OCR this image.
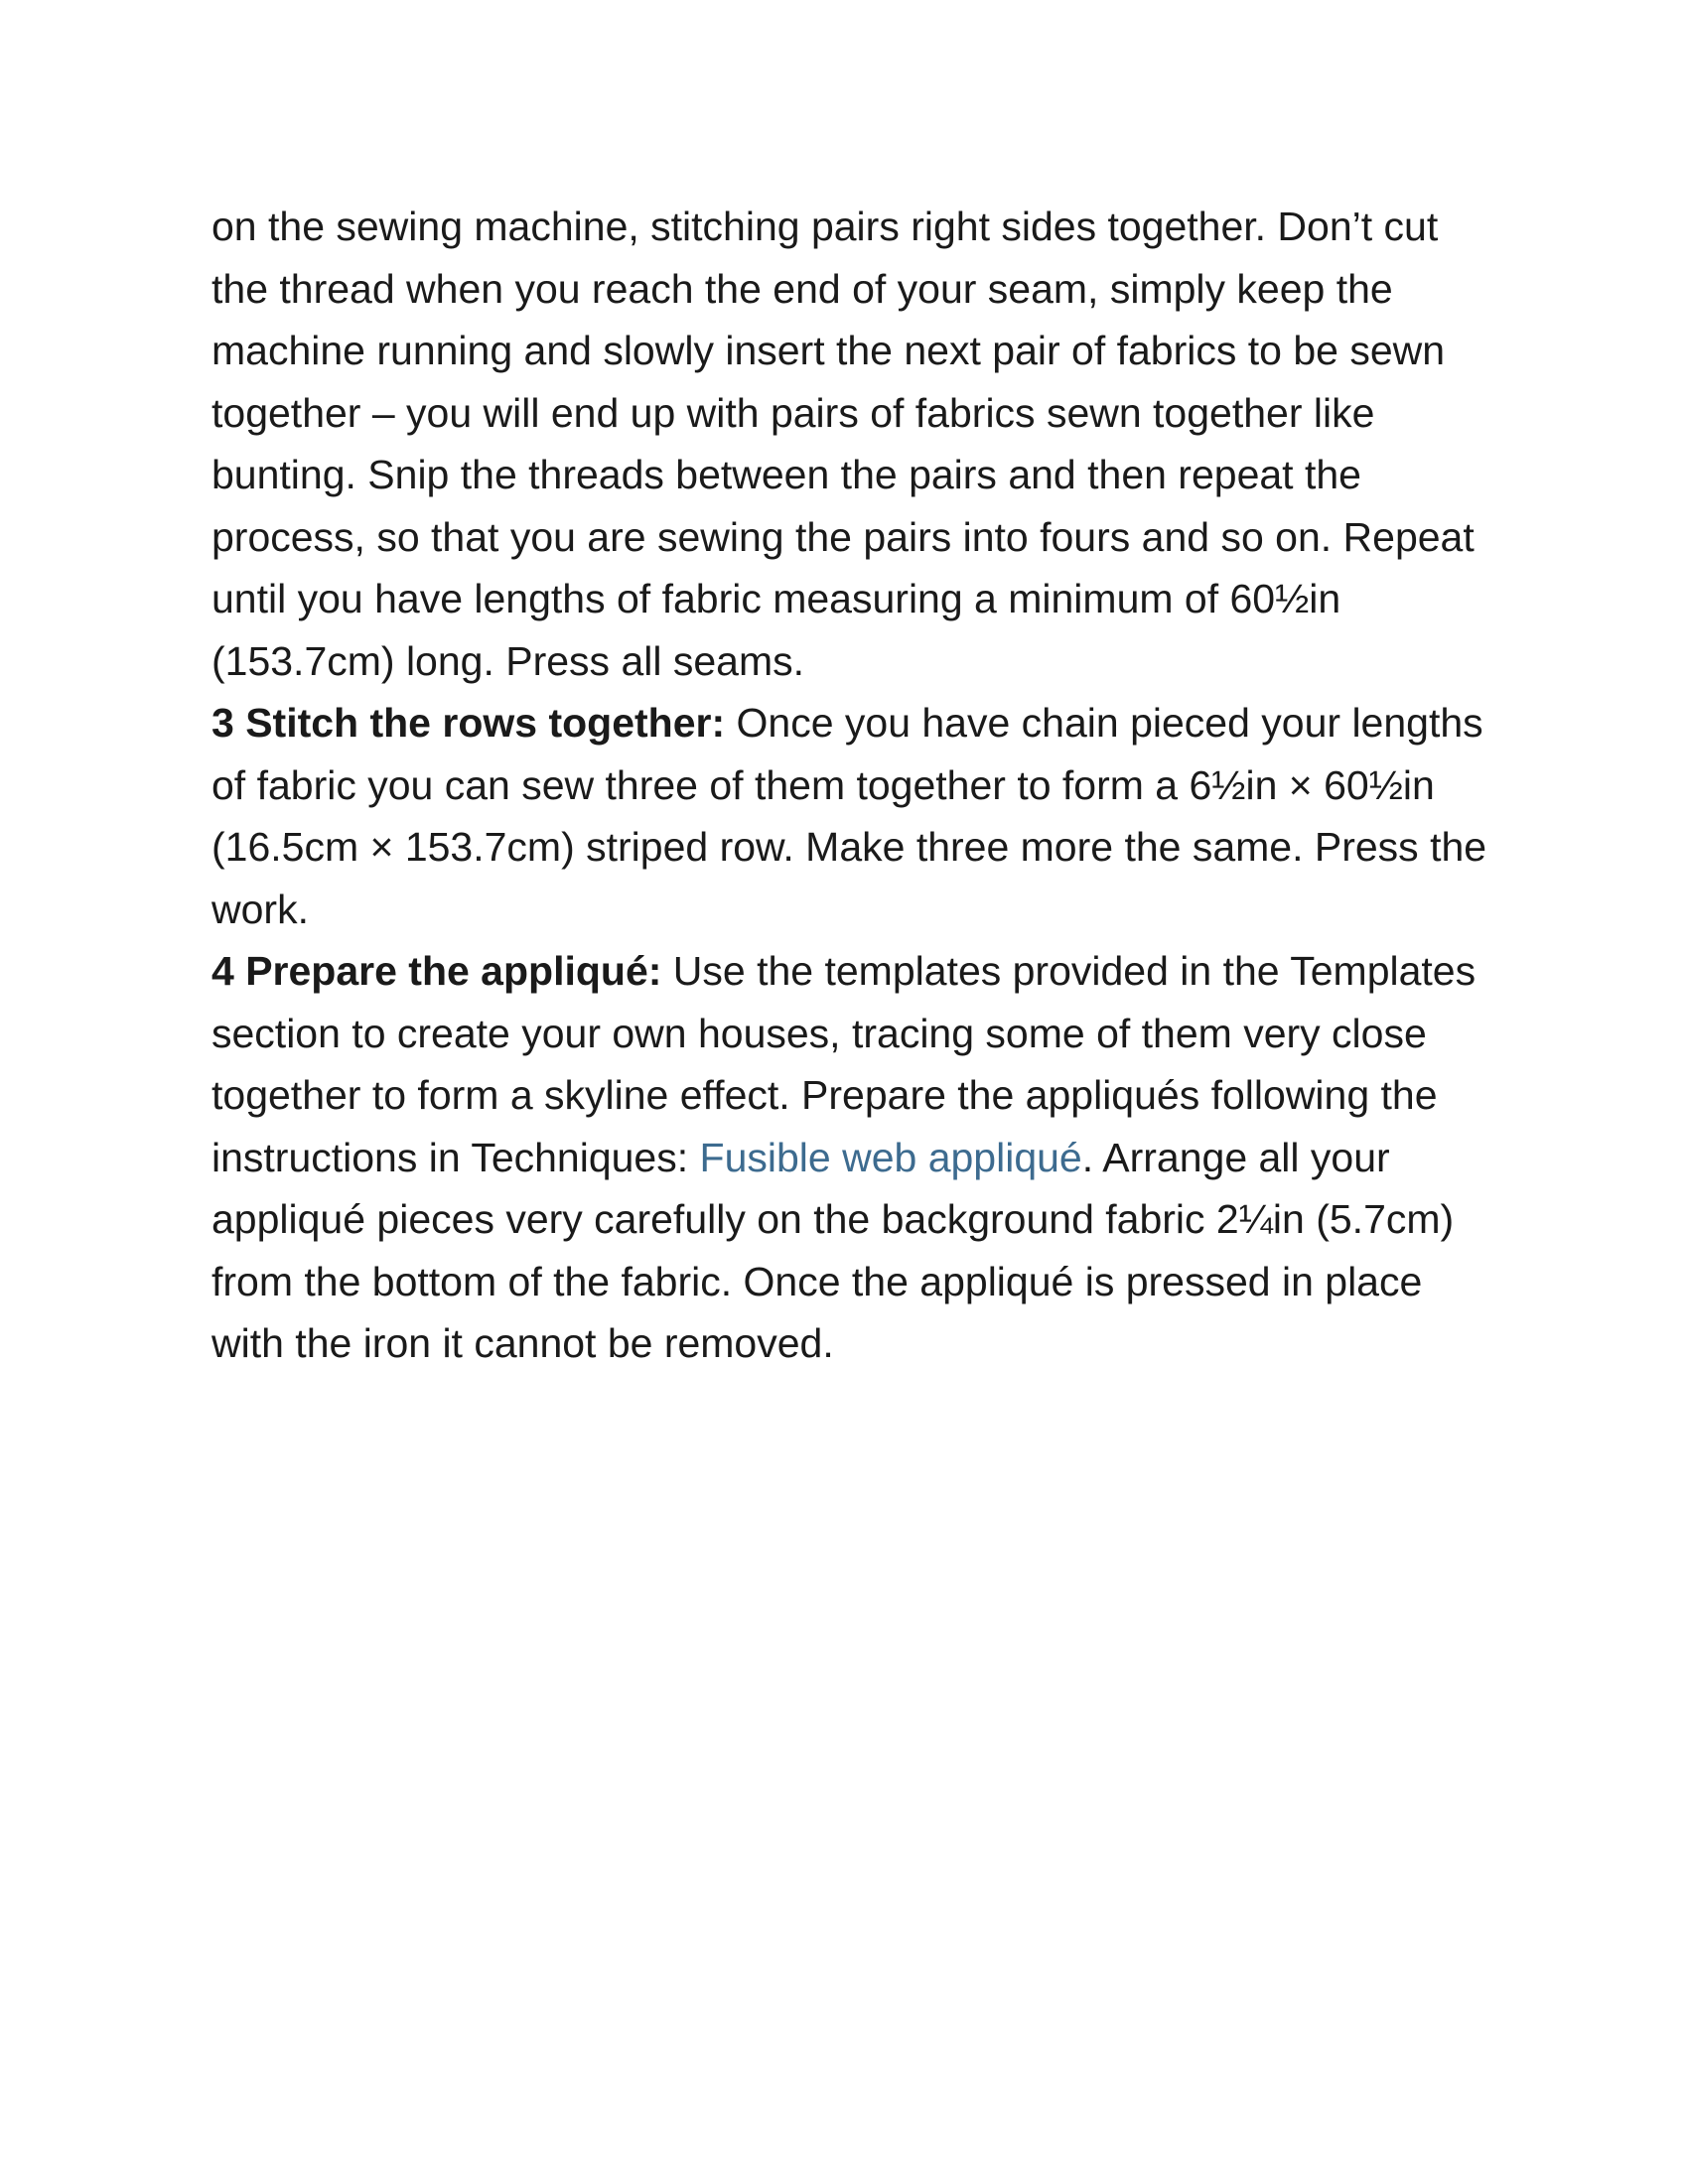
on the sewing machine, stitching pairs right sides together. Don’t cut the thread when you reach the end of your seam, simply keep the machine running and slowly insert the next pair of fabrics to be sewn together – you will end up with pairs of fabrics sewn together like bunting. Snip the threads between the pairs and then repeat the process, so that you are sewing the pairs into fours and so on. Repeat until you have lengths of fabric measuring a minimum of 60½in (153.7cm) long. Press all seams.

3 Stitch the rows together: Once you have chain pieced your lengths of fabric you can sew three of them together to form a 6½in × 60½in (16.5cm × 153.7cm) striped row. Make three more the same. Press the work.

4 Prepare the appliqué: Use the templates provided in the Templates section to create your own houses, tracing some of them very close together to form a skyline effect. Prepare the appliqués following the instructions in Techniques: Fusible web appliqué. Arrange all your appliqué pieces very carefully on the background fabric 2¼in (5.7cm) from the bottom of the fabric. Once the appliqué is pressed in place with the iron it cannot be removed.
